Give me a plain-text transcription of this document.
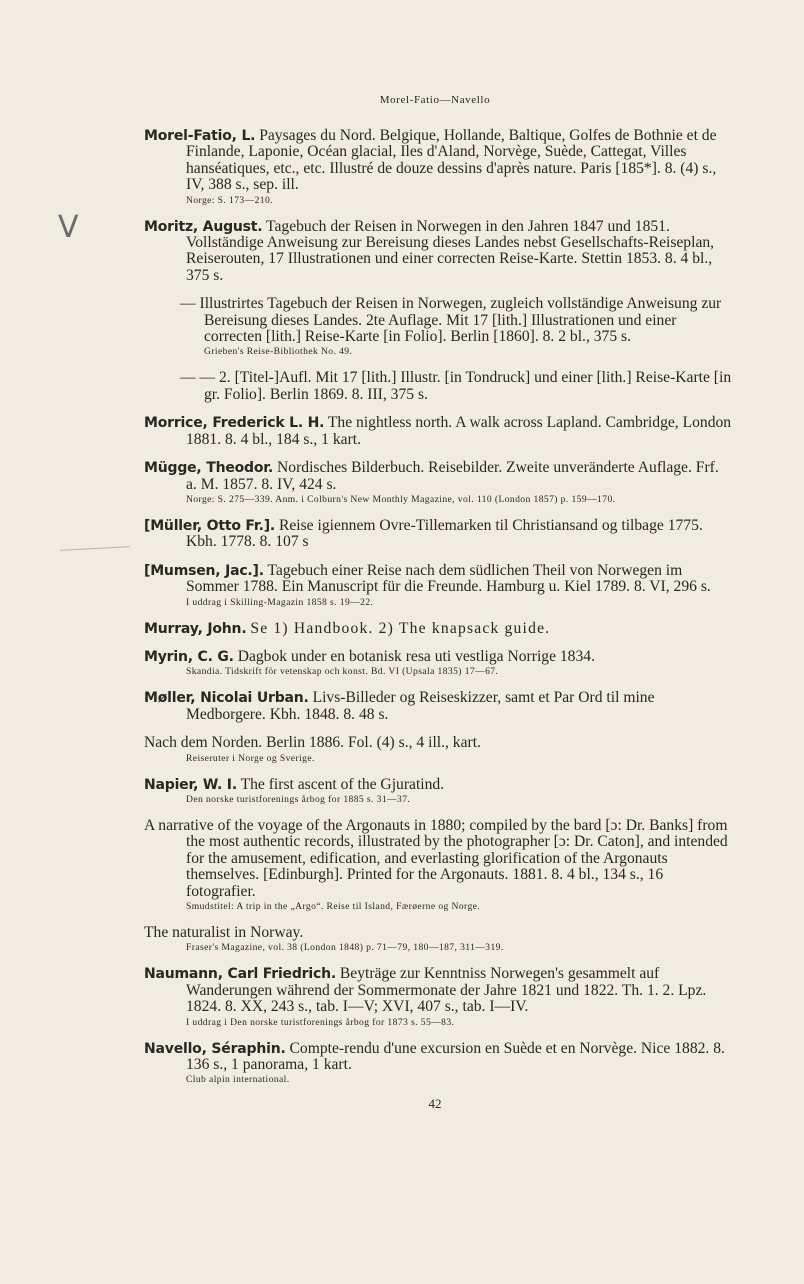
Morel-Fatio—Navello
V

Morel-Fatio, L. Paysages du Nord. Belgique, Hollande, Baltique, Golfes de Bothnie et de Finlande, Laponie, Océan glacial, Iles d'Aland, Norvège, Suède, Cattegat, Villes hanséatiques, etc., etc. Illustré de douze dessins d'après nature. Paris [185*]. 8. (4) s., IV, 388 s., sep. ill.
Norge: S. 173—210.

Moritz, August. Tagebuch der Reisen in Norwegen in den Jahren 1847 und 1851. Vollständige Anweisung zur Bereisung dieses Landes nebst Gesellschafts-Reiseplan, Reiserouten, 17 Illustrationen und einer correcten Reise-Karte. Stettin 1853. 8. 4 bl., 375 s.

— Illustrirtes Tagebuch der Reisen in Norwegen, zugleich vollständige Anweisung zur Bereisung dieses Landes. 2te Auflage. Mit 17 [lith.] Illustrationen und einer correcten [lith.] Reise-Karte [in Folio]. Berlin [1860]. 8. 2 bl., 375 s.
Grieben's Reise-Bibliothek No. 49.

— — 2. [Titel-]Aufl. Mit 17 [lith.] Illustr. [in Tondruck] und einer [lith.] Reise-Karte [in gr. Folio]. Berlin 1869. 8. III, 375 s.

Morrice, Frederick L. H. The nightless north. A walk across Lapland. Cambridge, London 1881. 8. 4 bl., 184 s., 1 kart.

Mügge, Theodor. Nordisches Bilderbuch. Reisebilder. Zweite unveränderte Auflage. Frf. a. M. 1857. 8. IV, 424 s.
Norge: S. 275—339. Anm. i Colburn's New Monthly Magazine, vol. 110 (London 1857) p. 159—170.

[Müller, Otto Fr.]. Reise igiennem Ovre-Tillemarken til Christiansand og tilbage 1775. Kbh. 1778. 8. 107 s

[Mumsen, Jac.]. Tagebuch einer Reise nach dem südlichen Theil von Norwegen im Sommer 1788. Ein Manuscript für die Freunde. Hamburg u. Kiel 1789. 8. VI, 296 s.
I uddrag i Skilling-Magazin 1858 s. 19—22.

Murray, John. Se 1) Handbook. 2) The knapsack guide.

Myrin, C. G. Dagbok under en botanisk resa uti vestliga Norrige 1834.
Skandia. Tidskrift för vetenskap och konst. Bd. VI (Upsala 1835) 17—67.

Møller, Nicolai Urban. Livs-Billeder og Reiseskizzer, samt et Par Ord til mine Medborgere. Kbh. 1848. 8. 48 s.

Nach dem Norden. Berlin 1886. Fol. (4) s., 4 ill., kart.
Reiseruter i Norge og Sverige.

Napier, W. I. The first ascent of the Gjuratind.
Den norske turistforenings årbog for 1885 s. 31—37.

A narrative of the voyage of the Argonauts in 1880; compiled by the bard [ɔ: Dr. Banks] from the most authentic records, illustrated by the photographer [ɔ: Dr. Caton], and intended for the amusement, edification, and everlasting glorification of the Argonauts themselves. [Edinburgh]. Printed for the Argonauts. 1881. 8. 4 bl., 134 s., 16 fotografier.
Smudstitel: A trip in the „Argo“. Reise til Island, Færøerne og Norge.

The naturalist in Norway.
Fraser's Magazine, vol. 38 (London 1848) p. 71—79, 180—187, 311—319.

Naumann, Carl Friedrich. Beyträge zur Kenntniss Norwegen's gesammelt auf Wanderungen während der Sommermonate der Jahre 1821 und 1822. Th. 1. 2. Lpz. 1824. 8. XX, 243 s., tab. I—V; XVI, 407 s., tab. I—IV.
I uddrag i Den norske turistforenings årbog for 1873 s. 55—83.

Navello, Séraphin. Compte-rendu d'une excursion en Suède et en Norvège. Nice 1882. 8. 136 s., 1 panorama, 1 kart.
Club alpin international.

42
